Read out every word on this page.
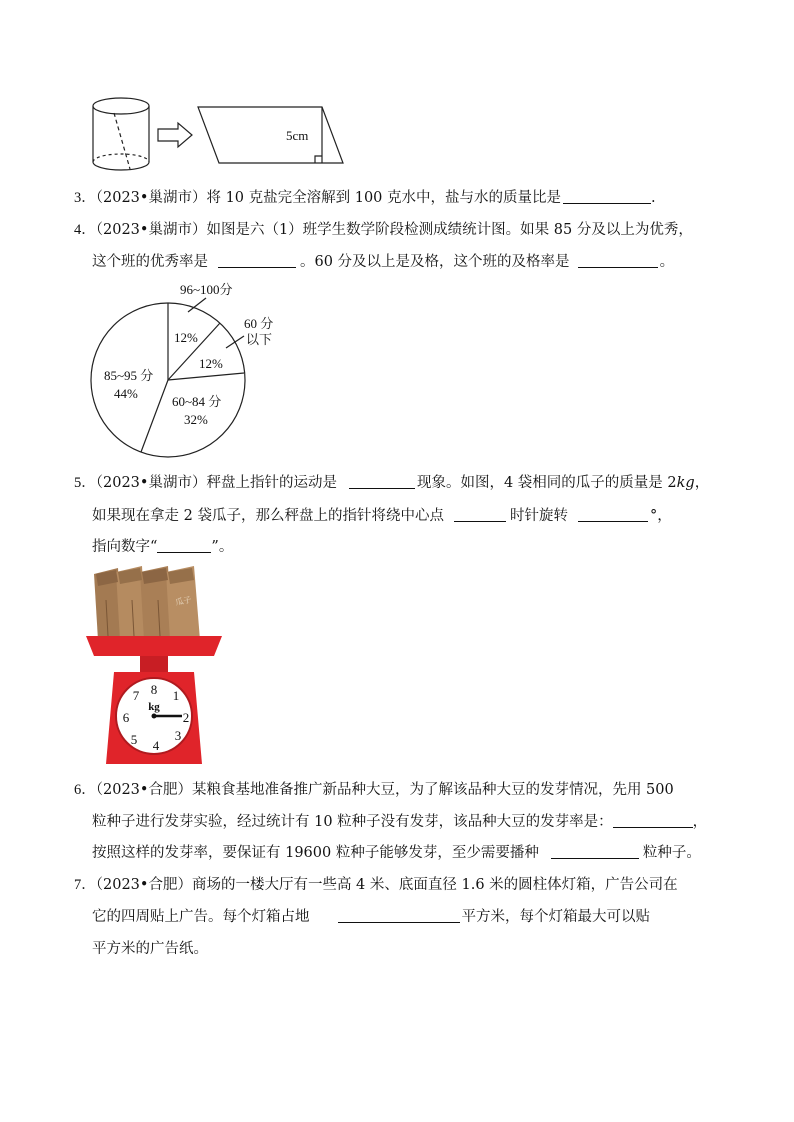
5cm
3．（2023•巢湖市）将 10 克盐完全溶解到 100 克水中，盐与水的质量比是	.
4．（2023•巢湖市）如图是六（1）班学生数学阶段检测成绩统计图。如果 85 分及以上为优秀，
这个班的优秀率是	。60 分及以上是及格，这个班的及格率是	。
96~100分
12%
60 分
以下
12%
85~95 分
44%
60~84 分
32%
5．（2023•巢湖市）秤盘上指针的运动是	现象。如图，4 袋相同的瓜子的质量是 2kg，
如果现在拿走 2 袋瓜子，那么秤盘上的指针将绕中心点	时针旋转	°，
指向数字“	”。
瓜子
8 1
2
3
4
5
6
7
kg
6．（2023•合肥）某粮食基地准备推广新品种大豆，为了解该品种大豆的发芽情况，先用 500
粒种子进行发芽实验，经过统计有 10 粒种子没有发芽，该品种大豆的发芽率是：	，
按照这样的发芽率，要保证有 19600 粒种子能够发芽，至少需要播种	粒种子。
7．（2023•合肥）商场的一楼大厅有一些高 4 米、底面直径 1.6 米的圆柱体灯箱，广告公司在
它的四周贴上广告。每个灯箱占地	平方米，每个灯箱最大可以贴
平方米的广告纸。
